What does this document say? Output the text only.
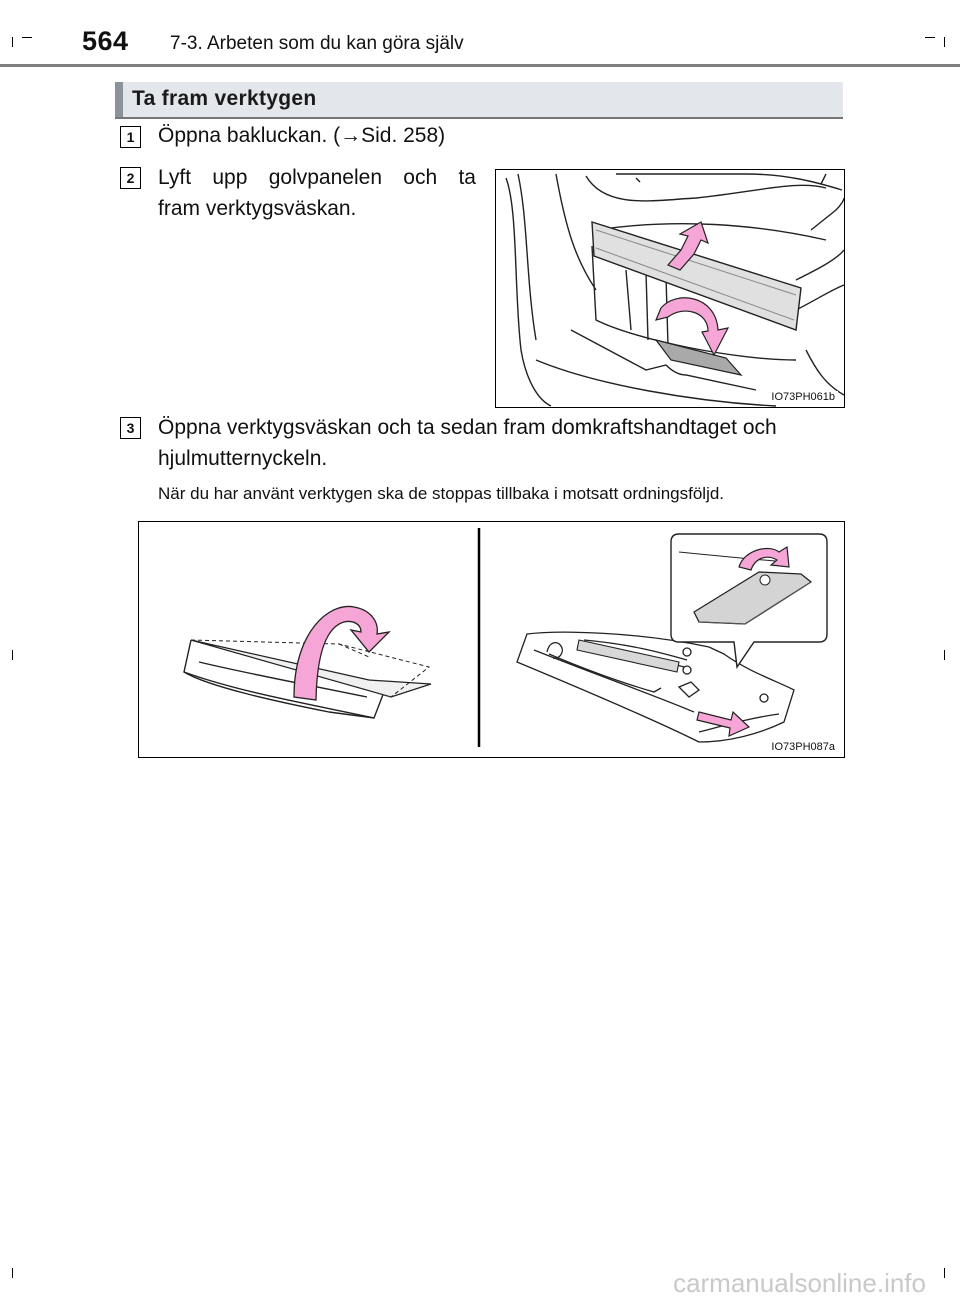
564 7-3. Arbeten som du kan göra själv
Ta fram verktygen
1	Öppna bakluckan. (→Sid. 258)
2	Lyft upp golvpanelen och ta
fram verktygsväskan.
IO73PH061b
3	Öppna verktygsväskan och ta sedan fram domkraftshandtaget och
hjulmutternyckeln.
När du har använt verktygen ska de stoppas tillbaka i motsatt ordningsföljd.
IO73PH087a
carmanualsonline.info
